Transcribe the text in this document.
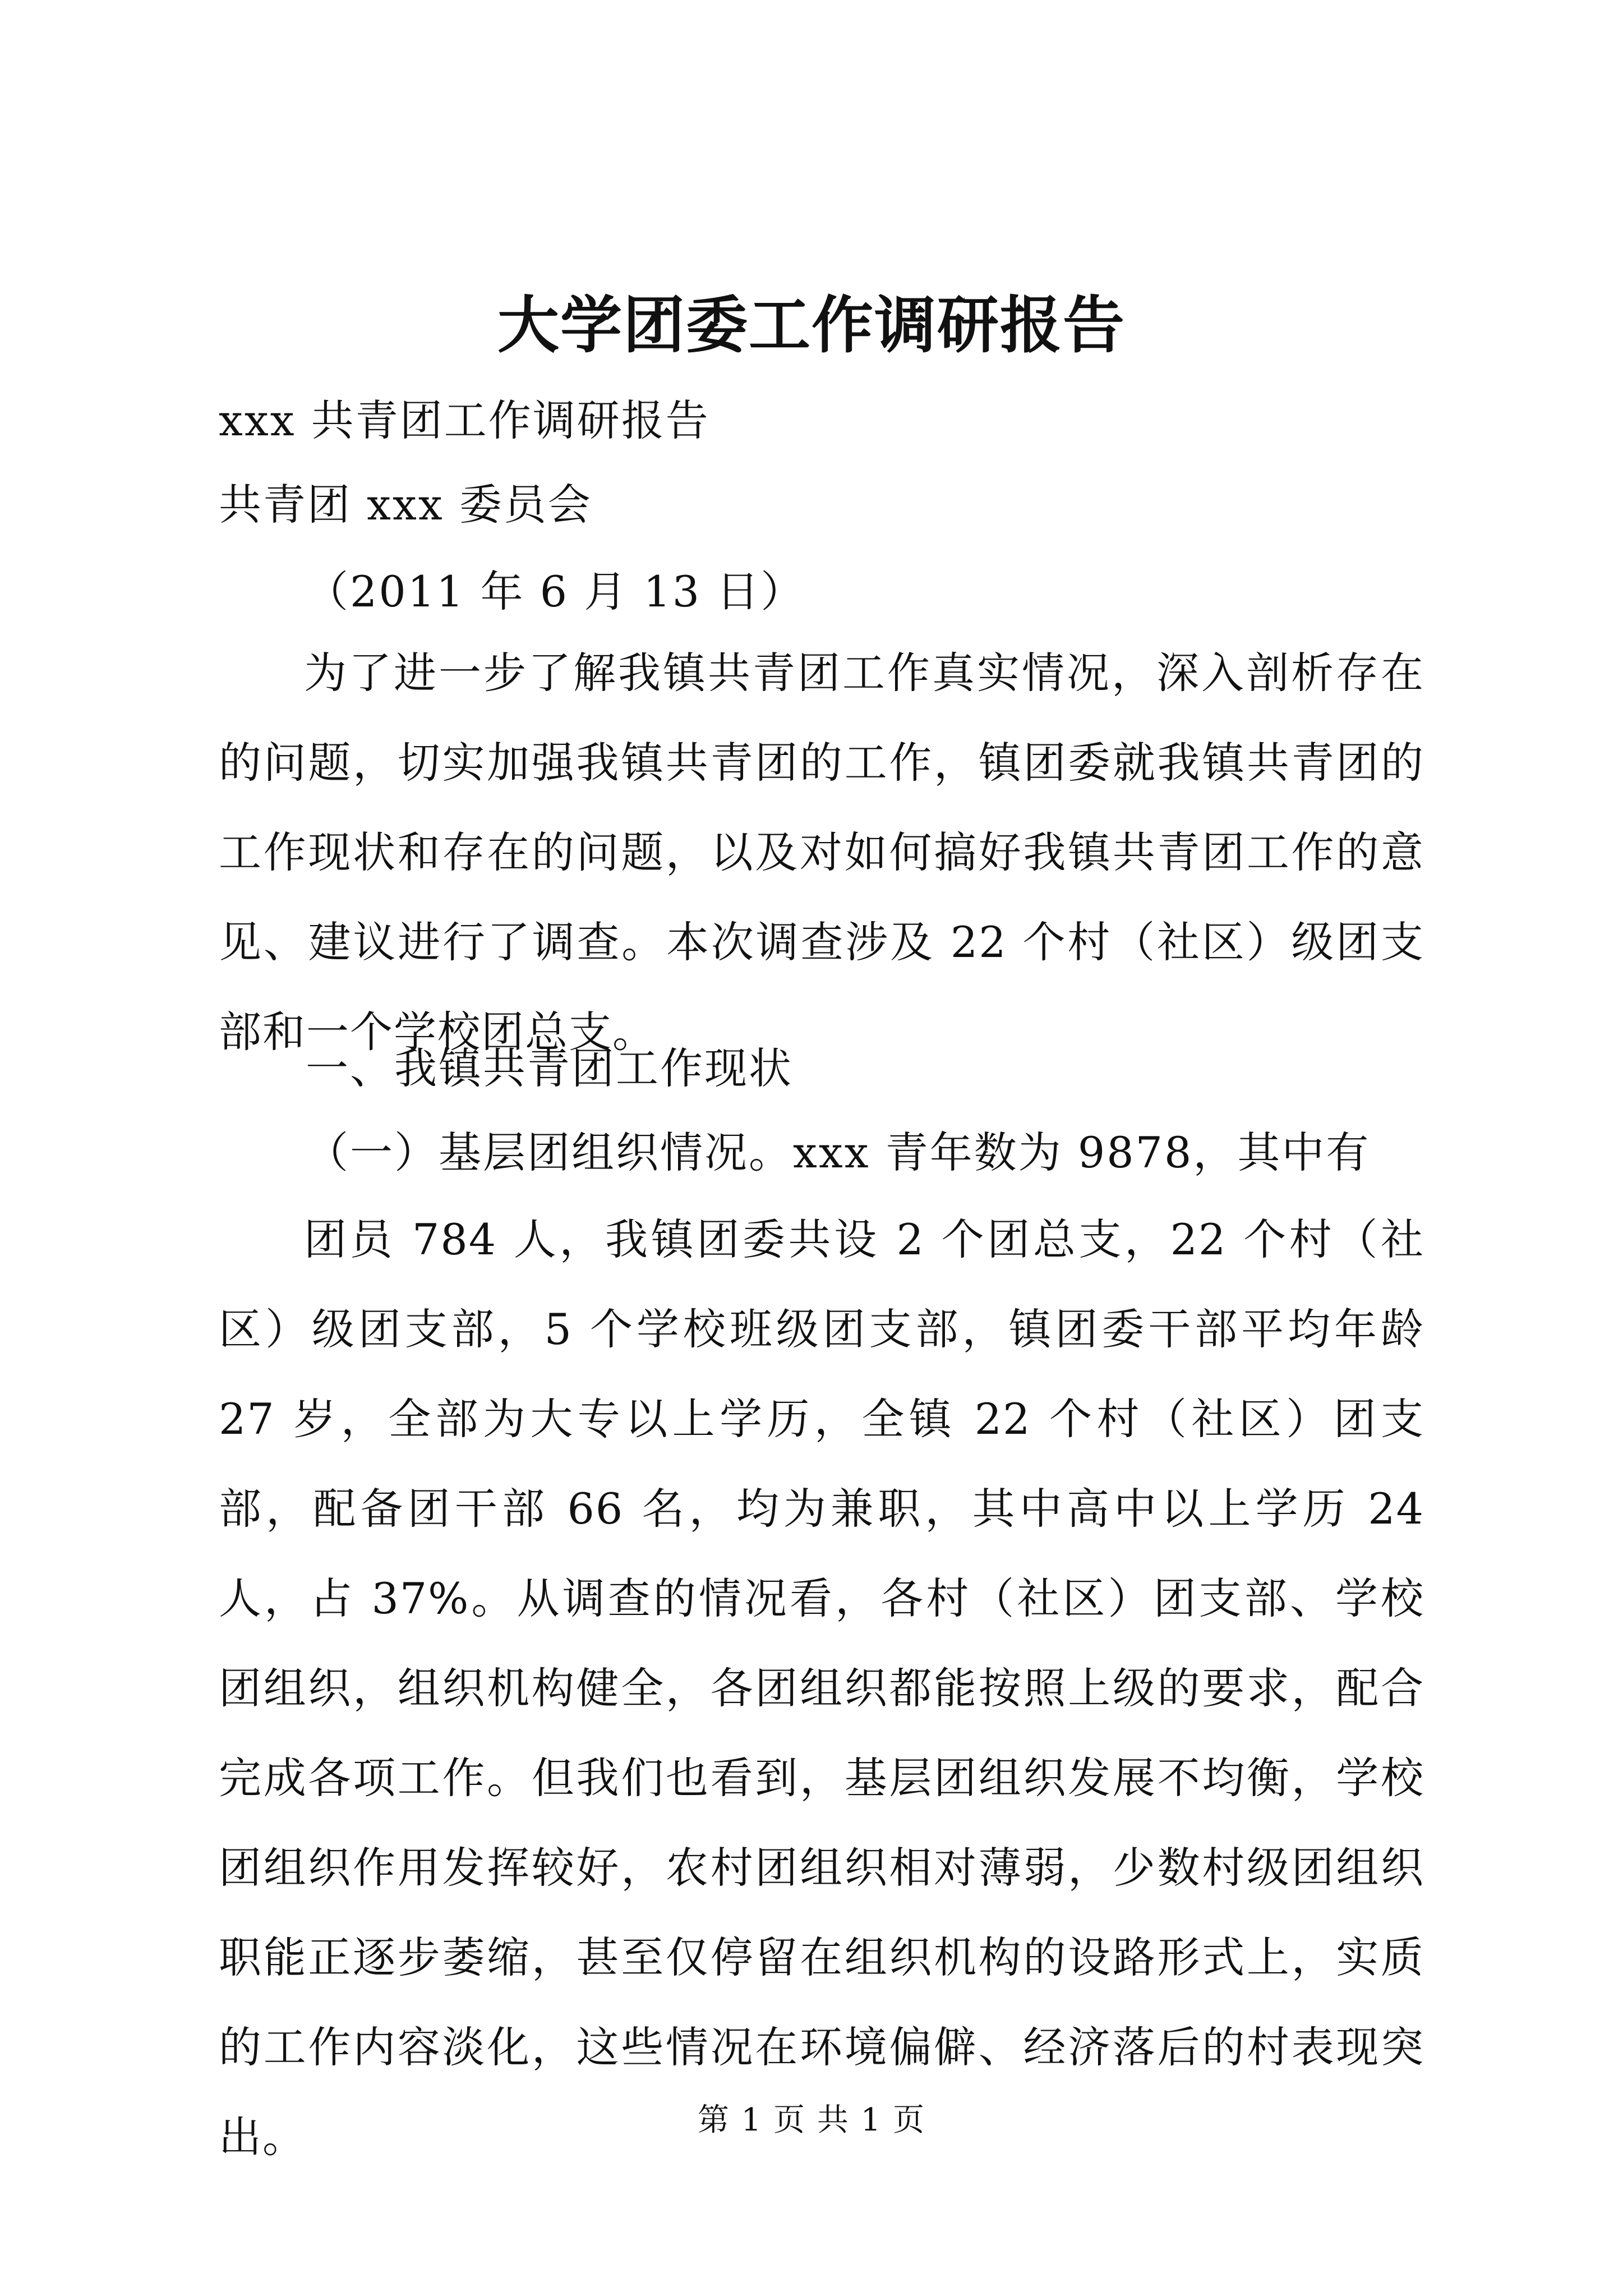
大学团委工作调研报告
xxx 共青团工作调研报告
共青团 xxx 委员会
（2011 年 6 月 13 日）
为了进一步了解我镇共青团工作真实情况，深入剖析存在的问题，切实加强我镇共青团的工作，镇团委就我镇共青团的工作现状和存在的问题，以及对如何搞好我镇共青团工作的意见、建议进行了调查。本次调查涉及 22 个村（社区）级团支部和一个学校团总支。
一、我镇共青团工作现状
（一）基层团组织情况。xxx 青年数为 9878，其中有
团员 784 人，我镇团委共设 2 个团总支，22 个村（社区）级团支部，5 个学校班级团支部，镇团委干部平均年龄 27 岁，全部为大专以上学历，全镇 22 个村（社区）团支部，配备团干部 66 名，均为兼职，其中高中以上学历 24 人，占 37%。从调查的情况看，各村（社区）团支部、学校团组织，组织机构健全，各团组织都能按照上级的要求，配合完成各项工作。但我们也看到，基层团组织发展不均衡，学校团组织作用发挥较好，农村团组织相对薄弱，少数村级团组织职能正逐步萎缩，甚至仅停留在组织机构的设路形式上，实质的工作内容淡化，这些情况在环境偏僻、经济落后的村表现突出。	第 1 页 共 1 页
